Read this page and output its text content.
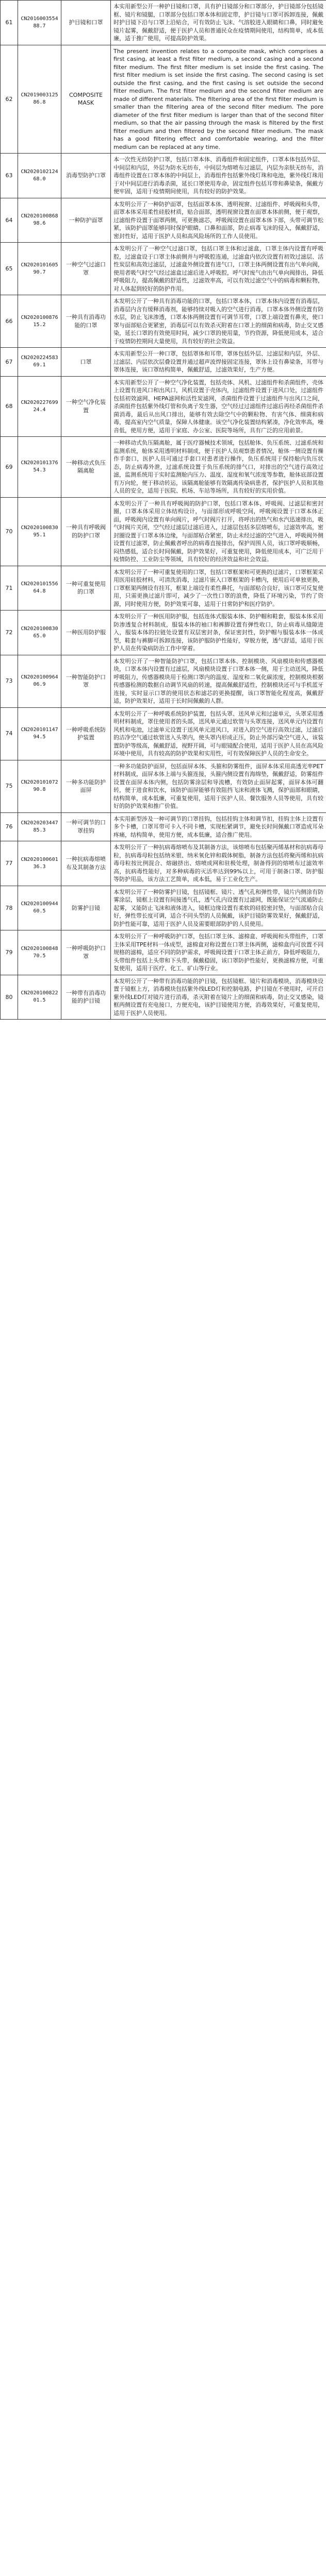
61	CN201600355488.7	护目镜和口罩	本实用新型公开一种护目镜和口罩，具有护目镜部分和口罩部分，护目镜部分包括镜框、镜片和镜腿，口罩部分包括口罩本体和固定带，护目镜与口罩可拆卸连接，佩戴时护目镜下沿与口罩上沿贴合，可有效防止飞沫、气溶胶进入眼睛和口鼻，同时避免镜片起雾，佩戴舒适，便于医护人员和普通民众在疫情期间使用，结构简单，成本低廉，适于推广使用，可提高防护效果。
62	CN201900312586.8	COMPOSITE MASK	The present invention relates to a composite mask, which comprises a first casing, at least a first filter medium, a second casing and a second filter medium. The first filter medium is set inside the first casing. The first filter medium is set inside the first casing. The second casing is set outside the first casing, and the first casing is set outside the second filter medium. The first filter medium and the second filter medium are made of different materials. The filtering area of the first filter medium is smaller than the filtering area of the second filter medium. The pore diameter of the first filter medium is larger than that of the second filter medium, so that the air passing through the mask is filtered by the first filter medium and then filtered by the second filter medium. The mask has a good filtering effect and comfortable wearing, and the filter medium can be replaced at any time.
63	CN202010212468.0	消毒型防护口罩	本一次性无纺防护口罩，包括口罩本体、消毒组件和固定组件，口罩本体包括外层、中间层和内层，外层为防水无纺布，中间层为熔喷布过滤层，内层为亲肤无纺布，消毒组件设置在口罩本体的中间层上，消毒组件包括紫外线灯珠和电池，紫外线灯珠用于对中间层进行消毒杀菌，延长口罩使用寿命，固定组件包括耳带和鼻梁条，佩戴方便牢固，适用于疫情期间使用，具有较好的防护效果。
64	CN202010086898.6	一种防护面罩	本发明公开了一种防护面罩，包括面罩本体、透明视窗、过滤组件、呼吸阀和头带，面罩本体采用柔性硅胶材质，贴合面部，透明视窗设置在面罩本体前侧，便于观察，过滤组件设置于面罩两侧，可更换滤芯，呼吸阀设置在面罩本体下部，头带可调节松紧，该防护面罩能够同时保护眼睛、口鼻和面部，防止病毒飞沫的侵入，佩戴舒适，密封性好，适用于医护人员和高风险场所的工作人员使用。
65	CN202010160590.7	一种空气过滤口罩	本发明公开了一种空气过滤口罩，包括口罩主体和过滤盒，口罩主体内设置有呼吸腔，过滤盒设于口罩主体前侧并与呼吸腔连通，过滤盒内依次设置有初效过滤层、活性炭层和高效过滤层，过滤盒外侧设置有进气口，口罩主体两侧设置有出气单向阀，使用者吸气时空气经过滤盒过滤后进入呼吸腔，呼气时废气由出气单向阀排出，降低呼吸阻力，提高佩戴的舒适性，过滤效率高，可以有效过滤空气中的病毒和颗粒物，对人体起到较好的防护作用。
66	CN202010087615.2	一种具有消毒功能的口罩	本发明公开了一种具有消毒功能的口罩，包括口罩本体，口罩本体内设置有消毒层，消毒层内含有缓释消毒剂，能够持续对吸入的空气进行消毒，口罩本体外侧设置有防水层，防止飞沫渗透，口罩本体两侧设置有可调节耳带，口罩上端设置有鼻夹，使口罩与面部贴合更紧密，消毒层可以有效杀灭附着在口罩上的细菌和病毒，防止交叉感染，延长口罩的有效使用时间，减少口罩的使用量，节约资源，降低使用成本，适合于疫情防控期间大量使用，具有较好的社会效益。
67	CN202022458369.1	口罩	本实用新型公开一种口罩，包括罩体和耳带，罩体包括外层、过滤层和内层，外层、过滤层、内层依次层叠设置并通过超声波焊接固定连接，罩体上设有鼻梁条，耳带与罩体连接，该口罩结构简单，佩戴舒适，过滤效果好，生产方便。
68	CN202022769924.4	一种空气净化装置	本实用新型公开了一种空气净化装置，包括壳体、风机、过滤组件和杀菌组件，壳体上设置有进风口和出风口，风机设置于壳体内，过滤组件设置于进风口处，过滤组件包括初效滤网、HEPA滤网和活性炭滤网，杀菌组件设置于过滤组件与出风口之间，杀菌组件包括紫外线灯管和负离子发生器，空气经过过滤组件过滤后再经杀菌组件杀菌消毒，最后从出风口排出，能够有效去除空气中的颗粒物、有害气体、细菌和病毒，提高室内空气质量，保障人体健康。该空气净化装置结构紧凑，净化效率高，噪音低，使用方便，适用于家庭、办公室、医院等场所，具有广泛的应用前景。
69	CN202010137654.3	一种移动式负压隔离舱	一种移动式负压隔离舱，属于医疗器械技术领域，包括舱体、负压系统、过滤系统和监测系统，舱体采用透明材料制成，便于医护人员观察患者情况，舱体一侧设置有操作手套口，医护人员可通过手套口对患者进行操作，负压系统用于保持舱内负压状态，防止病毒外泄，过滤系统设置于负压系统的排气口，对排出的空气进行高效过滤，监测系统用于实时监测舱内压力、温度、湿度和氧气浓度等参数，舱体底部设置有万向轮，便于移动转运，该隔离舱能够有效隔离传染病患者，保护医护人员和其他人员的安全，适用于医院、机场、车站等场所，具有较好的实用价值。
70	CN202010083095.1	一种具有呼吸阀的防护口罩	本发明公开了一种具有呼吸阀的防护口罩，包括口罩本体、呼吸阀、过滤层和密封圈，口罩本体采用立体结构设计，与面部形成呼吸空间，呼吸阀设置于口罩本体正面，呼吸阀内设置有单向阀片，呼气时阀片打开，将呼出的热气和水汽迅速排出，吸气时阀片关闭，空气经过滤层过滤后进入，过滤层包括多层熔喷布，过滤效率高，密封圈设置于口罩本体边缘，与面部贴合紧密，防止未经过滤的空气进入，呼吸阀外侧设置有过滤罩，防止佩戴者呼出的病毒直接排出，保护周围人员，该口罩呼吸顺畅，闷热感低，适合长时间佩戴，防护效果好，可重复使用，降低使用成本，可广泛用于疫情防控、工业防尘等领域，具有较好的经济效益和社会效益。
71	CN202010155664.8	一种可重复使用的口罩	本发明公开了一种可重复使用的口罩，包括口罩框架和可更换的过滤片，口罩框架采用医用硅胶材料，可清洗消毒，过滤片嵌入口罩框架的卡槽内，使用后可单独更换，口罩框架两侧设有挂耳，框架上端设有柔性鼻托，与面部贴合良好，该口罩可反复使用，只需更换过滤片即可，减少了一次性口罩的浪费，降低了环境污染，节约了资源，同时使用方便，防护效果可靠，适用于日常防护和医疗防护。
72	CN202010083065.0	一种医用防护服	本发明公开了一种医用防护服，包括连体式服装本体、防护帽和鞋套，服装本体采用防渗透复合材料制成，服装本体的袖口和裤脚设置有弹性收口，防止病毒从缝隙进入，服装本体的拉链处设置有双层密封条，保证密封性，防护帽与服装本体一体成型，鞋套与裤脚可拆卸连接，该防护服防护性能好，穿脱方便，透气舒适，适用于医护人员在传染病防治工作中穿着。
73	CN202010096406.9	一种智能防护口罩	本发明公开了一种智能防护口罩，包括口罩本体、控制模块、风扇模块和传感器模块，口罩本体内设置有过滤层，风扇模块设置于口罩本体一侧，用于主动送风，降低呼吸阻力，传感器模块用于检测口罩内的温度、湿度和二氧化碳浓度，控制模块根据传感器检测的数据自动调节风扇的转速，提高佩戴舒适性，控制模块还可与手机蓝牙连接，实时显示口罩的使用状态和滤芯的更换提醒，该口罩智能化程度高，佩戴舒适，防护效果好，适用于长时间佩戴的人群。
74	CN202010114794.5	一种呼吸系统防护装置	本发明公开了一种呼吸系统防护装置，包括头罩、送风单元和过滤单元，头罩采用透明材料制成，罩住使用者的头部，送风单元通过软管与头罩连接，送风单元内设置有风机和电池，过滤单元设置于送风单元进风口，对进入的空气进行高效过滤，过滤后的洁净空气通过软管送入头罩内，使头罩内形成正压，防止外部污染空气进入，该装置防护等级高，佩戴舒适，视野开阔，可与眼镜配合使用，适用于医护人员在高风险环境中使用，具有较高的防护效果和实用性，可有效保障医护人员的生命安全。
75	CN202010107290.8	一种多功能防护面屏	一种多功能防护面屏，包括面屏本体、头箍和防雾组件，面屏本体采用高透光率PET材料制成，面屏本体上端与头箍连接，头箍内侧设置有海绵垫，佩戴舒适，防雾组件设置在面屏本体内侧，包括防雾涂层和导流槽，有效防止面屏起雾，面屏本体可翻转，便于进食和饮水，该防护面屏能够有效阻挡飞沫和液体飞溅，保护面部和眼睛，结构简单，成本低廉，可重复使用，适用于医护人员、餐饮服务人员等使用，具有较好的防护效果和推广价值。
76	CN202020344785.3	一种可调节的口罩挂钩	本实用新型涉及一种可调节的口罩挂钩，包括挂钩主体和调节扣，挂钩主体上设置有多个卡槽，口罩耳带可卡入不同卡槽，实现松紧调节，避免长时间佩戴口罩造成耳朵疼痛，结构简单，使用方便，成本低廉，适合推广使用。
77	CN202010060136.3	一种抗病毒熔喷布及其制备方法	本发明公开了一种抗病毒熔喷布及其制备方法，该熔喷布包括聚丙烯基材和抗病毒母粒，抗病毒母粒包括纳米银、纳米氧化锌和载体树脂，制备方法包括将聚丙烯和抗病毒母粒按比例混合、熔融挤出、熔喷成网和驻极处理，制备得到的熔喷布过滤效率高，抗病毒性能好，对多种病毒的灭活率达到99%以上，可用于制备口罩、防护服等防护用品，该方法工艺简单，成本低，易于工业化生产。
78	CN202010094460.5	防雾护目镜	本发明公开了一种防雾护目镜，包括镜框、镜片、透气孔和弹性带，镜片内侧涂有防雾涂层，镜框上设置有间接透气孔，透气孔内设置有过滤网，既能保证空气流通防止起雾，又能防止飞沫和液体进入，镜框边缘设置有柔软的硅胶密封垫，与面部贴合良好，弹性带长度可调，适合不同头型的人员佩戴，该护目镜防雾效果好，佩戴舒适，防护性能可靠，适用于医护人员及需要眼部防护的人员使用。
79	CN202010084870.5	一种呼吸防护口罩	本发明公开了一种呼吸防护口罩，包括口罩主体、滤棉盒、呼吸阀和头带组件，口罩主体采用TPE材料一体成型，滤棉盒对称设置在口罩主体两侧，滤棉盒内可放置不同规格的滤棉，适应不同的防护需求，呼吸阀设置于口罩主体正前方，降低呼吸阻力，头带组件包括上头带和下头带，佩戴稳固，该口罩防护性能好，更换滤棉方便，可重复使用，适用于医疗、化工、矿山等行业。
80	CN202010082201.5	一种带有消毒功能的护目镜	本发明公开了一种带有消毒功能的护目镜，包括镜框、镜片和消毒模块，消毒模块设置于镜框上方，消毒模块包括紫外线LED灯和控制电路，护目镜在不使用时，可开启紫外线LED灯对镜片进行消毒，杀灭附着在镜片上的细菌和病毒，防止交叉感染，镜框两侧设置有充电接口，方便充电，该护目镜使用方便，消毒效果好，可重复使用，适用于医护人员使用。
